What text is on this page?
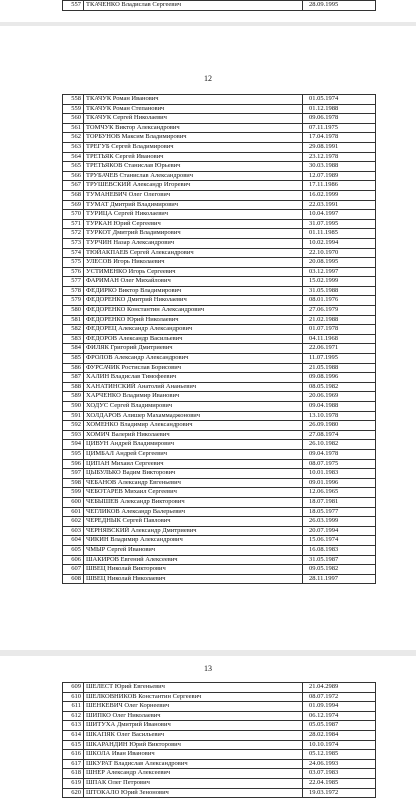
557	ТКАЧЕНКО Владислав Сергеевич	28.09.1995
12
558	ТКАЧУК Роман Иванович	01.05.1974
559	ТКАЧУК Роман Степанович	01.12.1988
560	ТКАЧУК Сергей Николаевич	09.06.1978
561	ТОМЧУК Виктор Александрович	07.11.1975
562	ТОРБУНОВ Максим Владимирович	17.04.1978
563	ТРЕГУБ Сергей Владимирович	29.08.1991
564	ТРЕТЬЯК Сергей Иванович	23.12.1978
565	ТРЕТЬЯКОВ Станислав Юрьевич	30.03.1988
566	ТРУБАЧЕВ Станислав Александрович	12.07.1989
567	ТРУШЕВСКИЙ Александр Игоревич	17.11.1986
568	ТУМАНЕВИЧ Олег Олегович	16.02.1999
569	ТУМАТ Дмитрий Владимирович	22.03.1991
570	ТУРИЦА Сергей Николаевич	10.04.1997
571	ТУРКАН Юрий Сергеевич	31.07.1995
572	ТУРКОТ Дмитрий Владимирович	01.11.1985
573	ТУРЧИН Назар Александрович	10.02.1994
574	ТЮЙАКПАЕВ Сергей Александрович	22.10.1970
575	УЛЕСОВ Игорь Николаевич	20.08.1995
576	УСТИМЕНКО Игорь Сергеевич	03.12.1997
577	ФАРИМАН Олег Михайлович	15.02.1999
578	ФЕДИРКО Виктор Владимирович	31.05.1988
579	ФЕДОРЕНКО Дмитрий Николаевич	08.01.1976
580	ФЕДОРЕНКО Константин Александрович	27.06.1979
581	ФЕДОРЕНКО Юрий Николаевич	21.02.1988
582	ФЕДОРЕЦ Александр Александрович	01.07.1978
583	ФЕДОРОВ Александр Васильевич	04.11.1968
584	ФИЛЯК Григорий Дмитриевич	22.06.1971
585	ФРОЛОВ Александр Александрович	11.07.1995
586	ФУРСАЧИК Ростислав Борисович	21.05.1988
587	ХАЛИН Владислав Тимофеевич	09.08.1996
588	ХАНАТИНСКИЙ Анатолий Ананьевич	08.05.1982
589	ХАРЧЕНКО Владимир Иванович	20.06.1969
590	ХОДУС Сергей Владимирович	09.04.1988
591	ХОЛДАРОВ Алишер Махаммаджонович	13.10.1978
592	ХОМЕНКО Владимир Александрович	26.09.1980
593	ХОМИЧ Валерий Николаевич	27.08.1974
594	ЦИВУН Андрей Владимирович	26.10.1982
595	ЦИМБАЛ Андрей Сергеевич	09.04.1978
596	ЦИПАН Михаил Сергеевич	08.07.1975
597	ЦЫБУЛЬКО Вадим Викторович	10.01.1983
598	ЧЕБАНОВ Александр Евгеньевич	09.01.1996
599	ЧЕБОТАРЕВ Михаил Сергеевич	12.06.1965
600	ЧЕБЫШЕВ Александр Викторович	18.07.1981
601	ЧЕГЛИКОВ Александр Валерьевич	18.05.1977
602	ЧЕРЕДНЫК Сергей Павлович	26.03.1999
603	ЧЕРНЯВСКИЙ Александр Дмитриевич	20.07.1994
604	ЧИКИН Владимир Александрович	15.06.1974
605	ЧМЫР Сергей Иванович	16.08.1983
606	ШАКИРОВ Евгений Алексеевич	31.05.1987
607	ШВЕЦ Николай Викторович	09.05.1982
608	ШВЕЦ Николай Николаевич	28.11.1997
13
609	ШЕЛЕСТ Юрий Евгеньевич	21.04.2989
610	ШЕЛКОВНИКОВ Константин Сергеевич	08.07.1972
611	ШЕНКЕВИЧ Олег Корнеевич	01.09.1994
612	ШИПКО Олег Николаевич	06.12.1974
613	ШИТУХА Дмитрий Иванович	05.05.1987
614	ШКАПЯК Олег Васильевич	28.02.1984
615	ШКАРАНДИН Юрий Викторович	10.10.1974
616	ШКОЛА Иван Иванович	05.12.1985
617	ШКУРАТ Владислав Александрович	24.06.1993
618	ШНЕР Александр Алексеевич	03.07.1983
619	ШПАК Олег Петрович	22.04.1985
620	ШТОКАЛО Юрий Зенонович	19.03.1972
